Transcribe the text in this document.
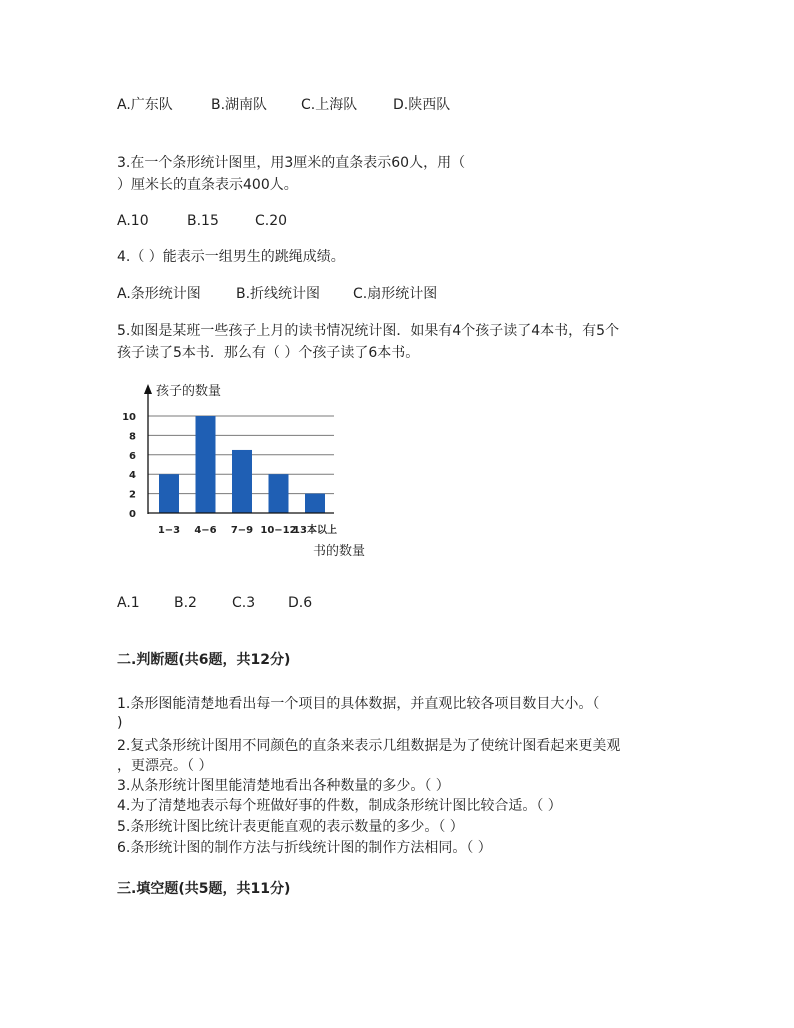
A.广东队	B.湖南队 C.上海队	D.陕西队
3.在一个条形统计图里，用3厘米的直条表示60人，用（
）厘米长的直条表示400人。
A.10	B.15	C.20
4.（ ）能表示一组男生的跳绳成绩。
A.条形统计图	B.折线统计图 C.扇形统计图
5.如图是某班一些孩子上月的读书情况统计图．如果有4个孩子读了4本书，有5个
孩子读了5本书．那么有（ ）个孩子读了6本书。
0
2
4
6
8
10
1−3 4−6 7−9 10−12
13本以上
孩子的数量
书的数量
A.1 B.2	C.3 D.6
二.判断题(共6题，共12分)
1.条形图能清楚地看出每一个项目的具体数据，并直观比较各项目数目大小。（
)
2.复式条形统计图用不同颜色的直条来表示几组数据是为了使统计图看起来更美观
，更漂亮。（ ）
3.从条形统计图里能清楚地看出各种数量的多少。（ ）
4.为了清楚地表示每个班做好事的件数，制成条形统计图比较合适。（ ）
5.条形统计图比统计表更能直观的表示数量的多少。（ ）
6.条形统计图的制作方法与折线统计图的制作方法相同。（ ）
三.填空题(共5题，共11分)
